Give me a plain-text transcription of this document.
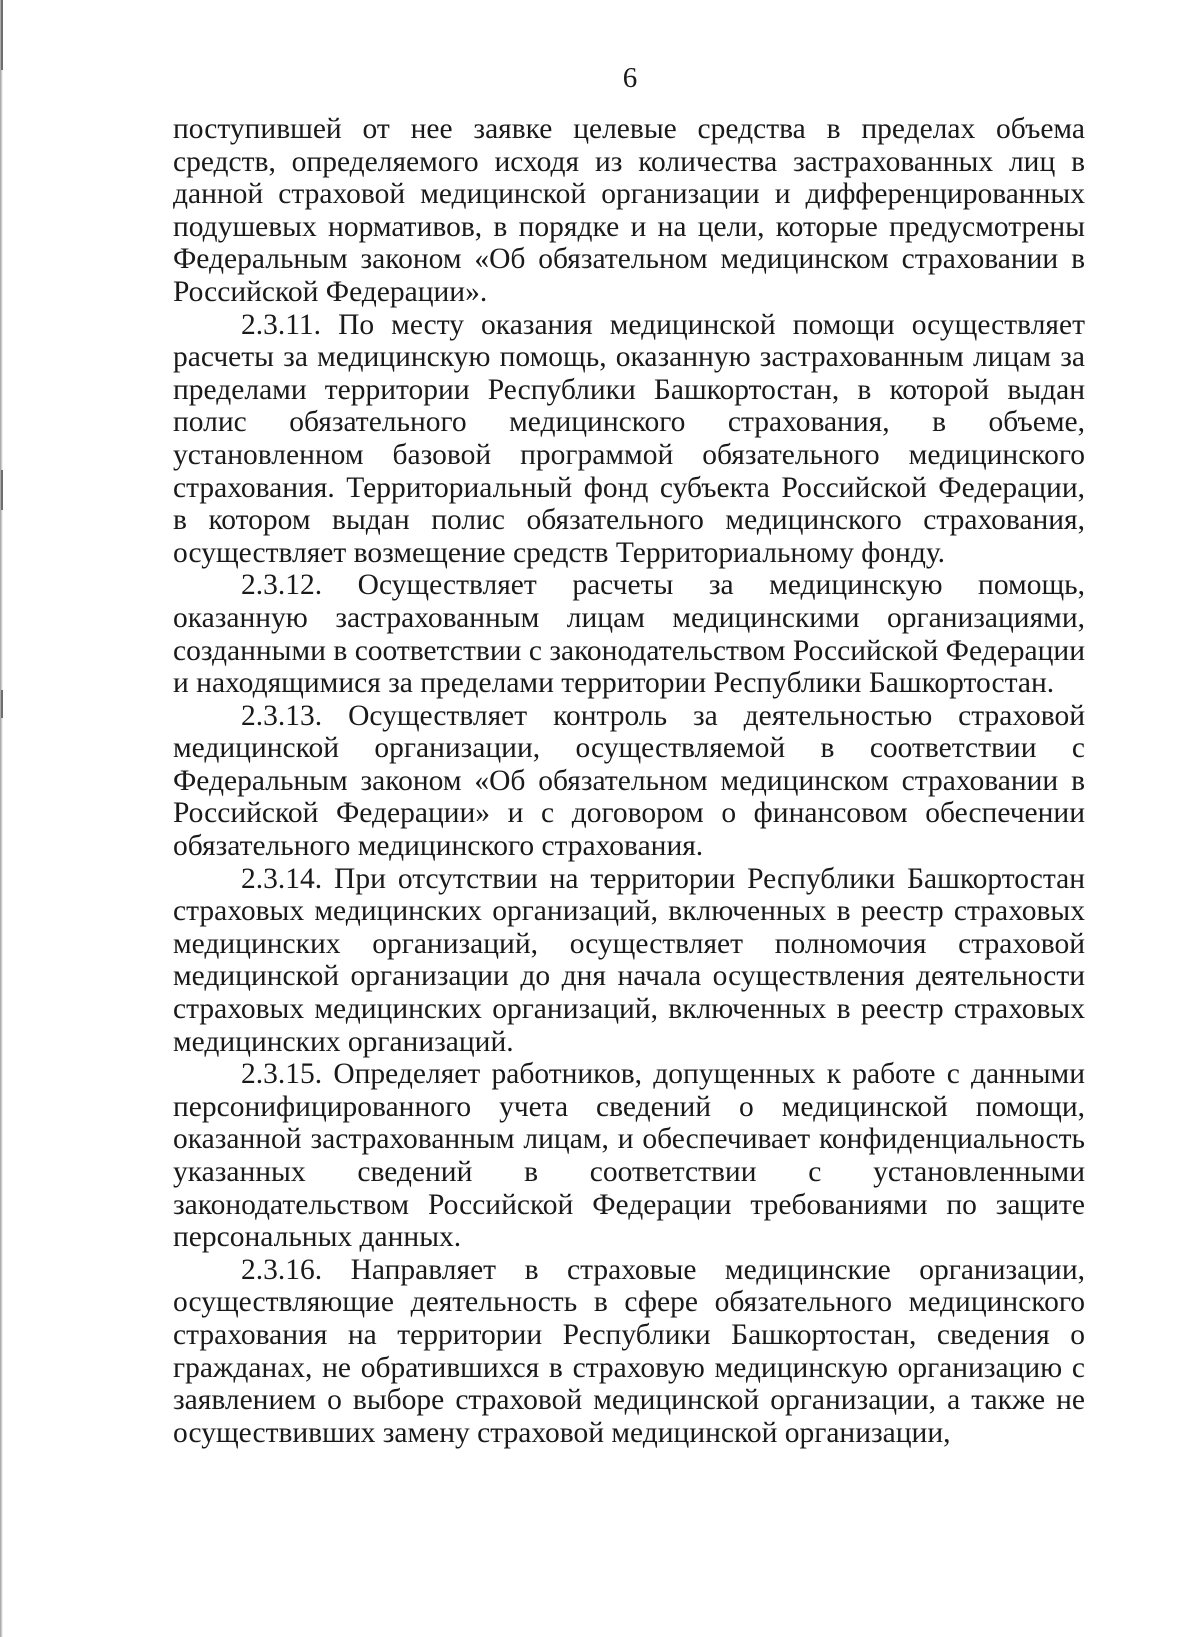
6

поступившей от нее заявке целевые средства в пределах объема средств, определяемого исходя из количества застрахованных лиц в данной страховой медицинской организации и дифференцированных подушевых нормативов, в порядке и на цели, которые предусмотрены Федеральным законом «Об обязательном медицинском страховании в Российской Федерации».

2.3.11. По месту оказания медицинской помощи осуществляет расчеты за медицинскую помощь, оказанную застрахованным лицам за пределами территории Республики Башкортостан, в которой выдан полис обязательного медицинского страхования, в объеме, установленном базовой программой обязательного медицинского страхования. Территориальный фонд субъекта Российской Федерации, в котором выдан полис обязательного медицинского страхования, осуществляет возмещение средств Территориальному фонду.

2.3.12. Осуществляет расчеты за медицинскую помощь, оказанную застрахованным лицам медицинскими организациями, созданными в соответствии с законодательством Российской Федерации и находящимися за пределами территории Республики Башкортостан.

2.3.13. Осуществляет контроль за деятельностью страховой медицинской организации, осуществляемой в соответствии с Федеральным законом «Об обязательном медицинском страховании в Российской Федерации» и с договором о финансовом обеспечении обязательного медицинского страхования.

2.3.14. При отсутствии на территории Республики Башкортостан страховых медицинских организаций, включенных в реестр страховых медицинских организаций, осуществляет полномочия страховой медицинской организации до дня начала осуществления деятельности страховых медицинских организаций, включенных в реестр страховых медицинских организаций.

2.3.15. Определяет работников, допущенных к работе с данными персонифицированного учета сведений о медицинской помощи, оказанной застрахованным лицам, и обеспечивает конфиденциальность указанных сведений в соответствии с установленными законодательством Российской Федерации требованиями по защите персональных данных.

2.3.16. Направляет в страховые медицинские организации, осуществляющие деятельность в сфере обязательного медицинского страхования на территории Республики Башкортостан, сведения о гражданах, не обратившихся в страховую медицинскую организацию с заявлением о выборе страховой медицинской организации, а также не осуществивших замену страховой медицинской организации,
